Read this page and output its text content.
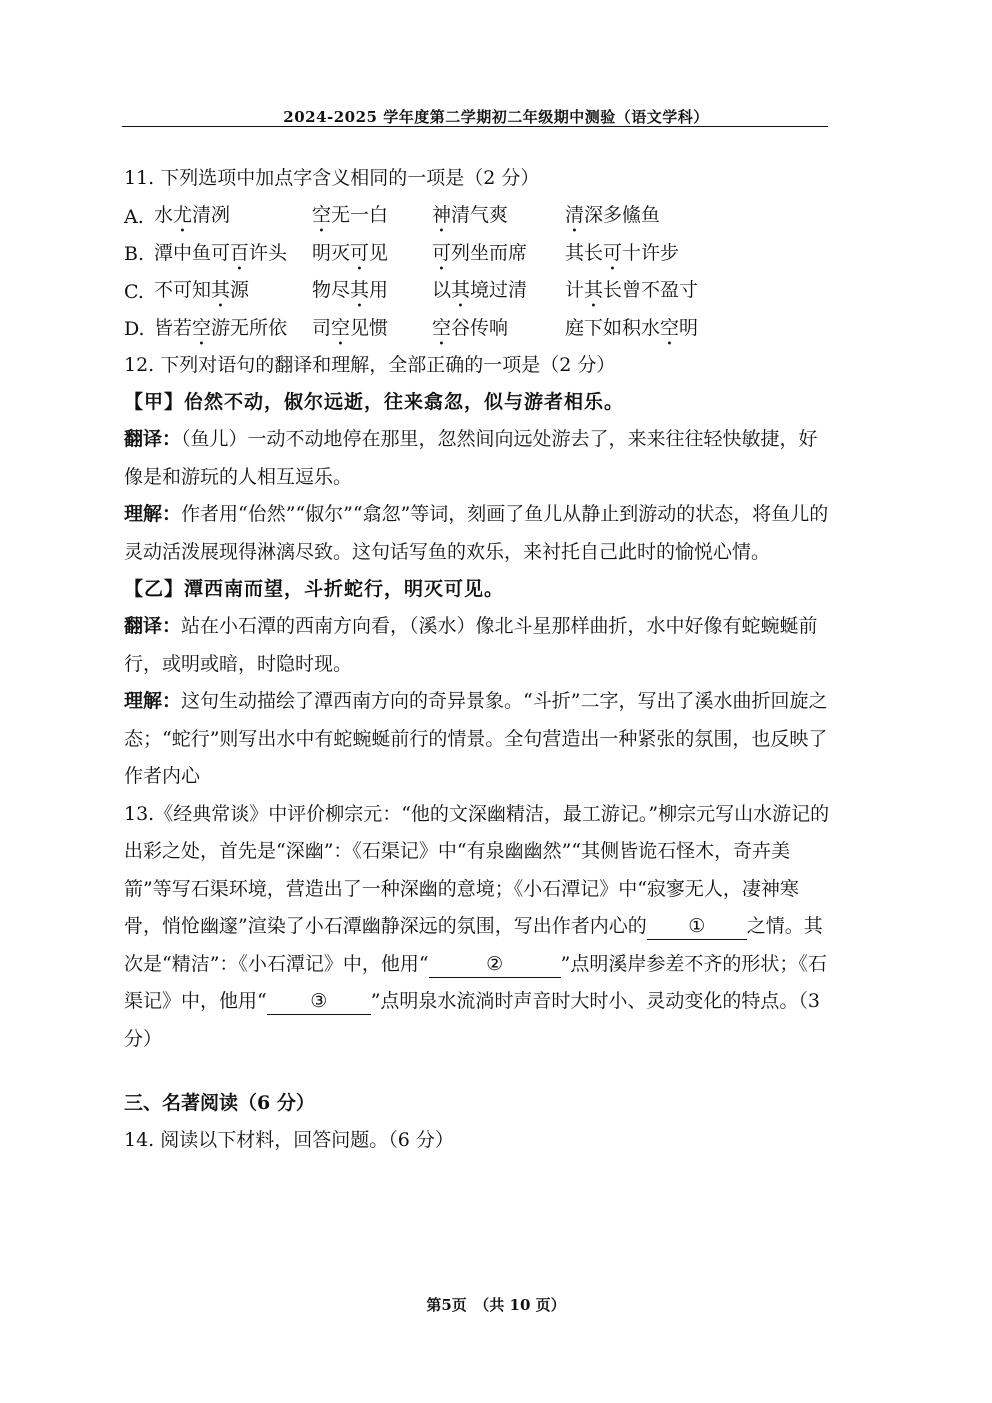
2024-2025 学年度第二学期初二年级期中测验（语文学科）
11. 下列选项中加点字含义相同的一项是（2 分）
A. 水尤清冽	空无一白	神清气爽	清深多鯈鱼
B. 潭中鱼可百许头	明灭可见	可列坐而席	其长可十许步
C. 不可知其源	物尽其用	以其境过清	计其长曾不盈寸
D. 皆若空游无所依	司空见惯	空谷传响	庭下如积水空明
12. 下列对语句的翻译和理解，全部正确的一项是（2 分）
【甲】佁然不动，俶尔远逝，往来翕忽，似与游者相乐。
翻译：（鱼儿）一动不动地停在那里，忽然间向远处游去了，来来往往轻快敏捷，好像是和游玩的人相互逗乐。
理解：作者用“佁然”“俶尔”“翕忽”等词，刻画了鱼儿从静止到游动的状态，将鱼儿的灵动活泼展现得淋漓尽致。这句话写鱼的欢乐，来衬托自己此时的愉悦心情。
【乙】潭西南而望，斗折蛇行，明灭可见。
翻译：站在小石潭的西南方向看，（溪水）像北斗星那样曲折，水中好像有蛇蜿蜒前行，或明或暗，时隐时现。
理解：这句生动描绘了潭西南方向的奇异景象。“斗折”二字，写出了溪水曲折回旋之态；“蛇行”则写出水中有蛇蜿蜒前行的情景。全句营造出一种紧张的氛围，也反映了作者内心
13.《经典常谈》中评价柳宗元：“他的文深幽精洁，最工游记。”柳宗元写山水游记的出彩之处，首先是“深幽”：《石渠记》中“有泉幽幽然”“其侧皆诡石怪木，奇卉美箭”等写石渠环境，营造出了一种深幽的意境；《小石潭记》中“寂寥无人，凄神寒骨，悄怆幽邃”渲染了小石潭幽静深远的氛围，写出作者内心的 ① 之情。其次是“精洁”：《小石潭记》中，他用“	②	”点明溪岸参差不齐的形状；《石渠记》中，他用“ ③ ”点明泉水流淌时声音时大时小、灵动变化的特点。（3 分）
三、名著阅读（6 分）
14. 阅读以下材料，回答问题。（6 分）
第5页　（共 10 页）
